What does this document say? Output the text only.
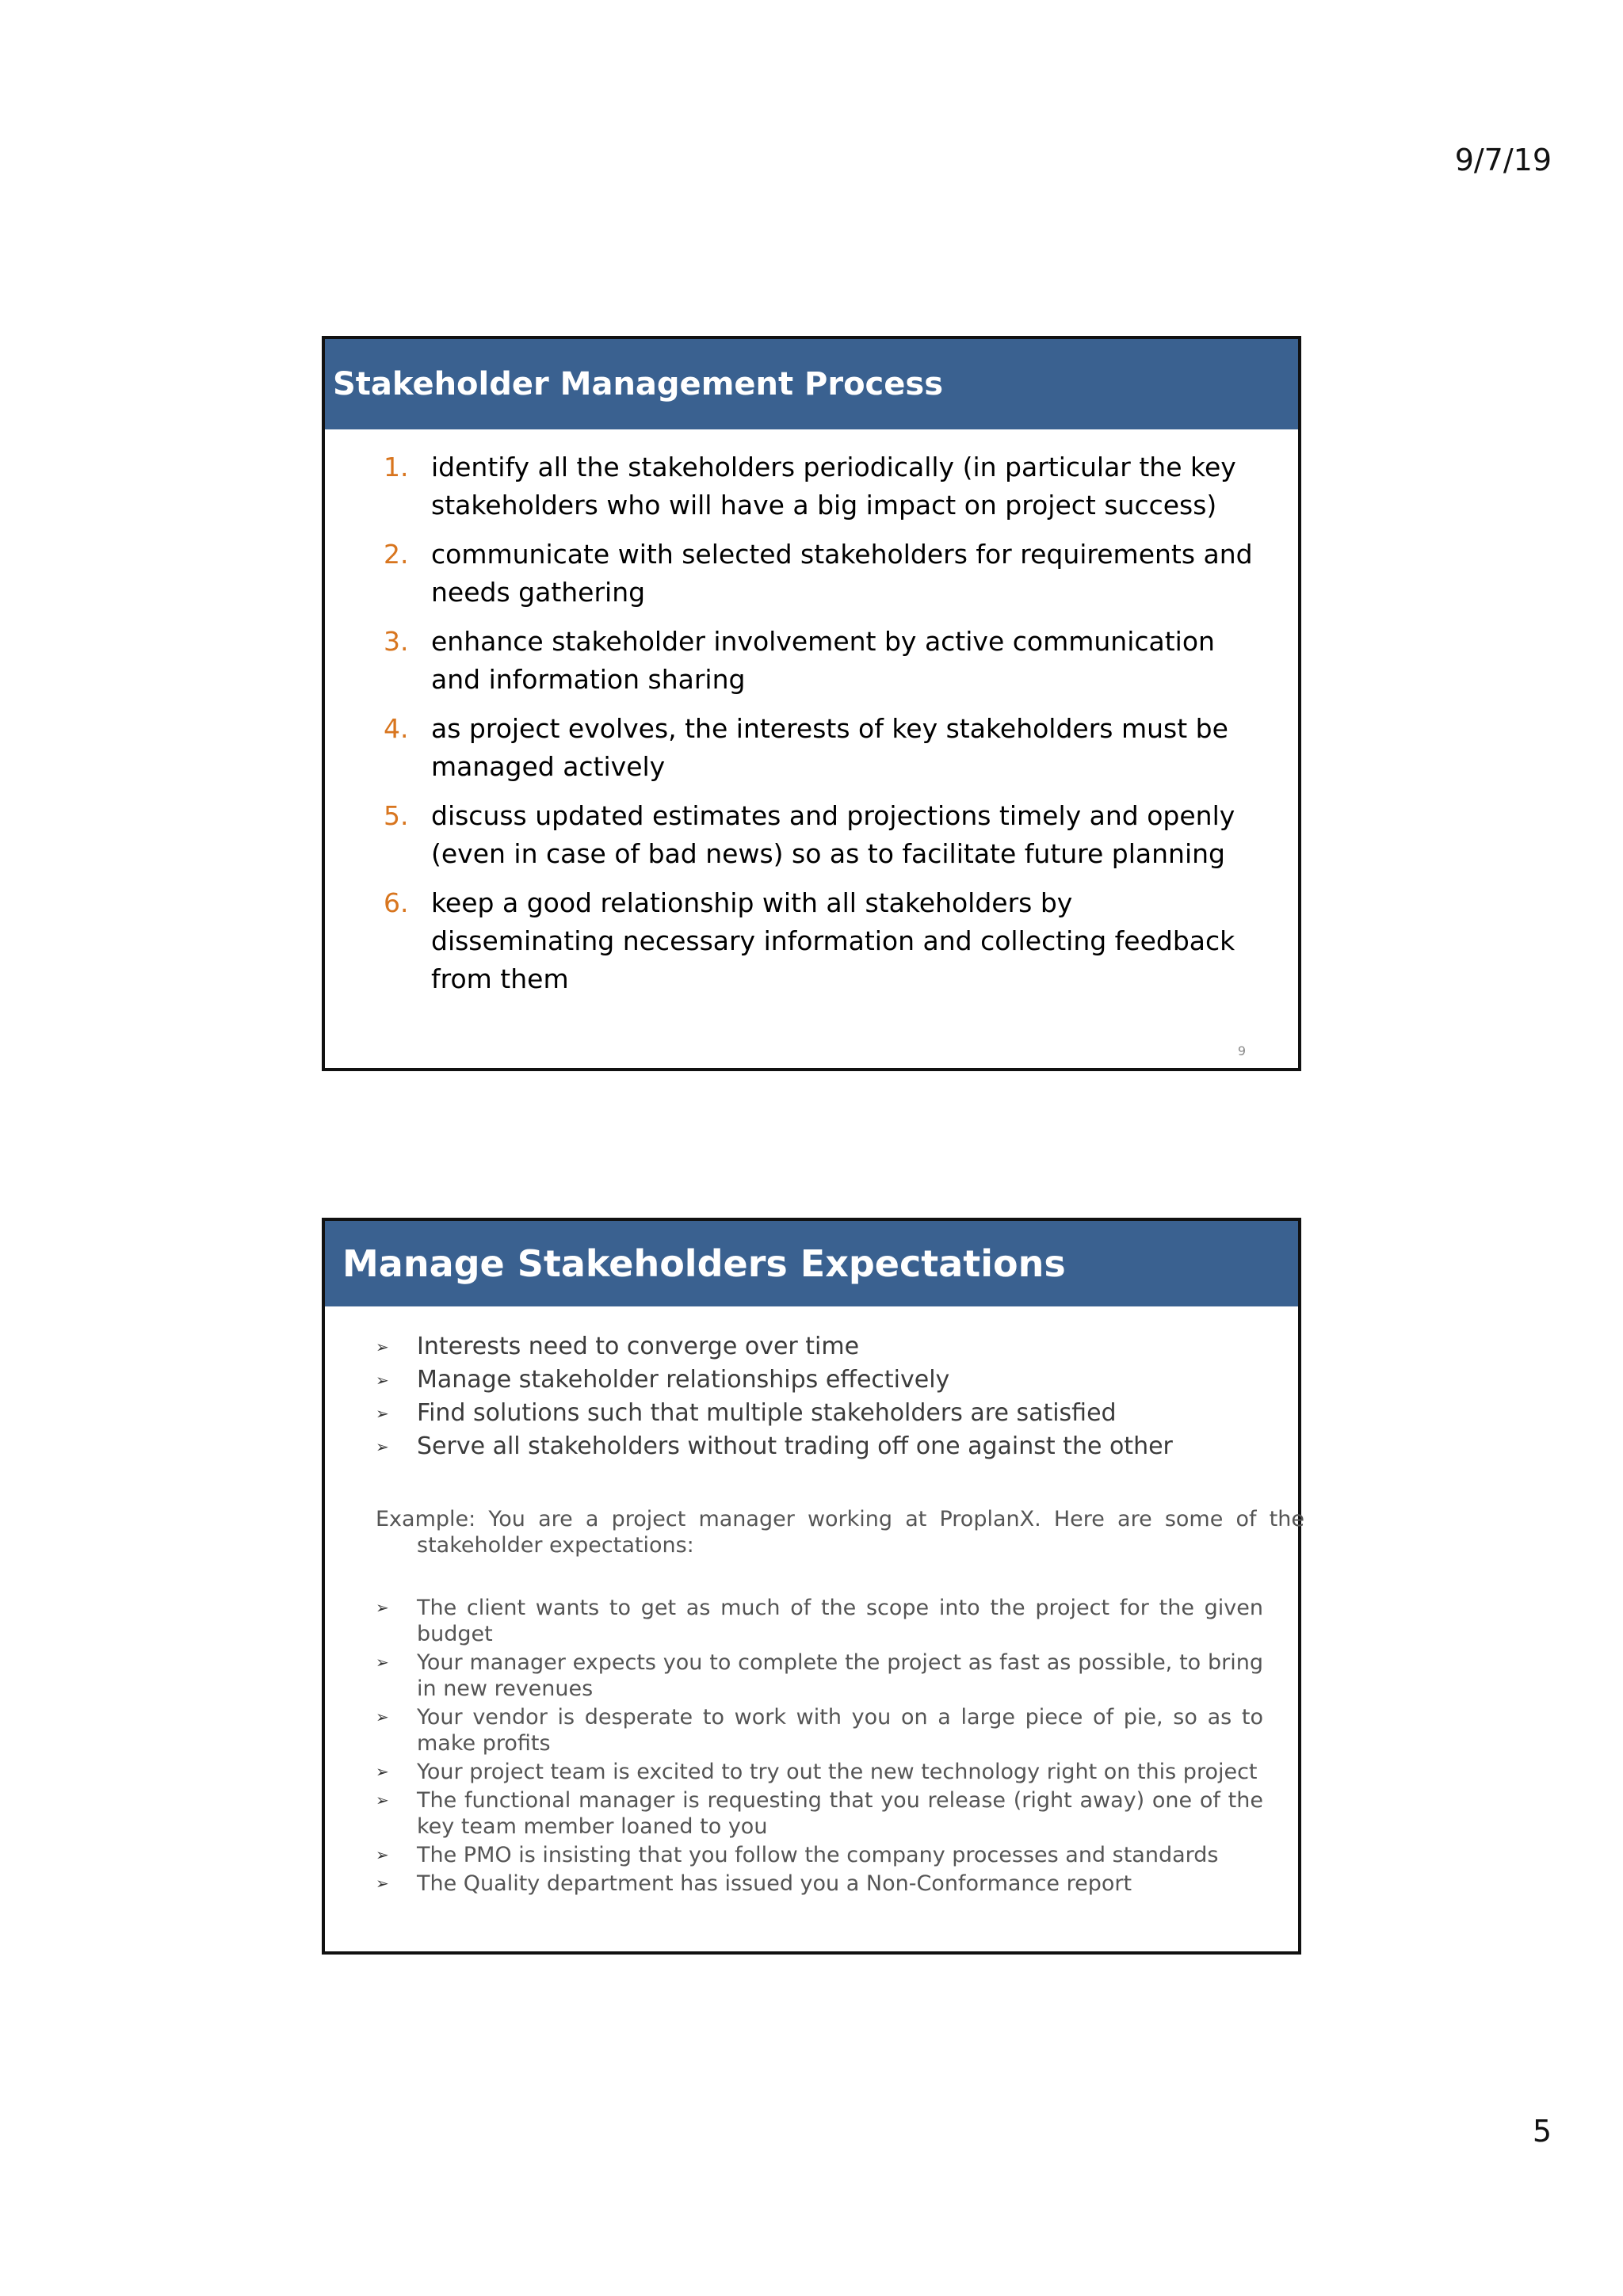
9/7/19
Stakeholder Management Process
1. identify all the stakeholders periodically (in particular the key stakeholders who will have a big impact on project success)
2. communicate with selected stakeholders for requirements and needs gathering
3. enhance stakeholder involvement by active communication and information sharing
4. as project evolves, the interests of key stakeholders must be managed actively
5. discuss updated estimates and projections timely and openly (even in case of bad news) so as to facilitate future planning
6. keep a good relationship with all stakeholders by disseminating necessary information and collecting feedback from them
9
Manage Stakeholders Expectations
➢	Interests need to converge over time
➢	Manage stakeholder relationships effectively
➢	Find solutions such that multiple stakeholders are satisfied
➢	Serve all stakeholders without trading off one against the other
Example: You are a project manager working at ProplanX. Here are some of the stakeholder expectations:
➢	The client wants to get as much of the scope into the project for the given budget
➢	Your manager expects you to complete the project as fast as possible, to bring in new revenues
➢	Your vendor is desperate to work with you on a large piece of pie, so as to make profits
➢	Your project team is excited to try out the new technology right on this project
➢	The functional manager is requesting that you release (right away) one of the key team member loaned to you
➢	The PMO is insisting that you follow the company processes and standards
➢	The Quality department has issued you a Non-Conformance report
5
